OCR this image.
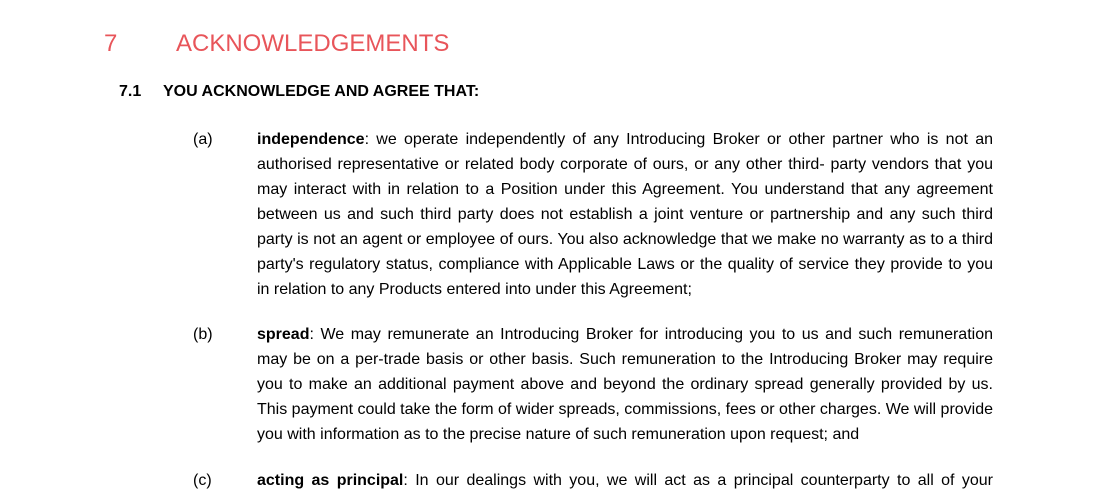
7 ACKNOWLEDGEMENTS
7.1 YOU ACKNOWLEDGE AND AGREE THAT:
(a)	independence: we operate independently of any Introducing Broker or other partner who is not an authorised representative or related body corporate of ours, or any other third- party vendors that you may interact with in relation to a Position under this Agreement. You understand that any agreement between us and such third party does not establish a joint venture or partnership and any such third party is not an agent or employee of ours. You also acknowledge that we make no warranty as to a third party's regulatory status, compliance with Applicable Laws or the quality of service they provide to you in relation to any Products entered into under this Agreement;

(b)	spread: We may remunerate an Introducing Broker for introducing you to us and such remuneration may be on a per-trade basis or other basis. Such remuneration to the Introducing Broker may require you to make an additional payment above and beyond the ordinary spread generally provided by us. This payment could take the form of wider spreads, commissions, fees or other charges. We will provide you with information as to the precise nature of such remuneration upon request; and

(c)	acting as principal: In our dealings with you, we will act as a principal counterparty to all of your
